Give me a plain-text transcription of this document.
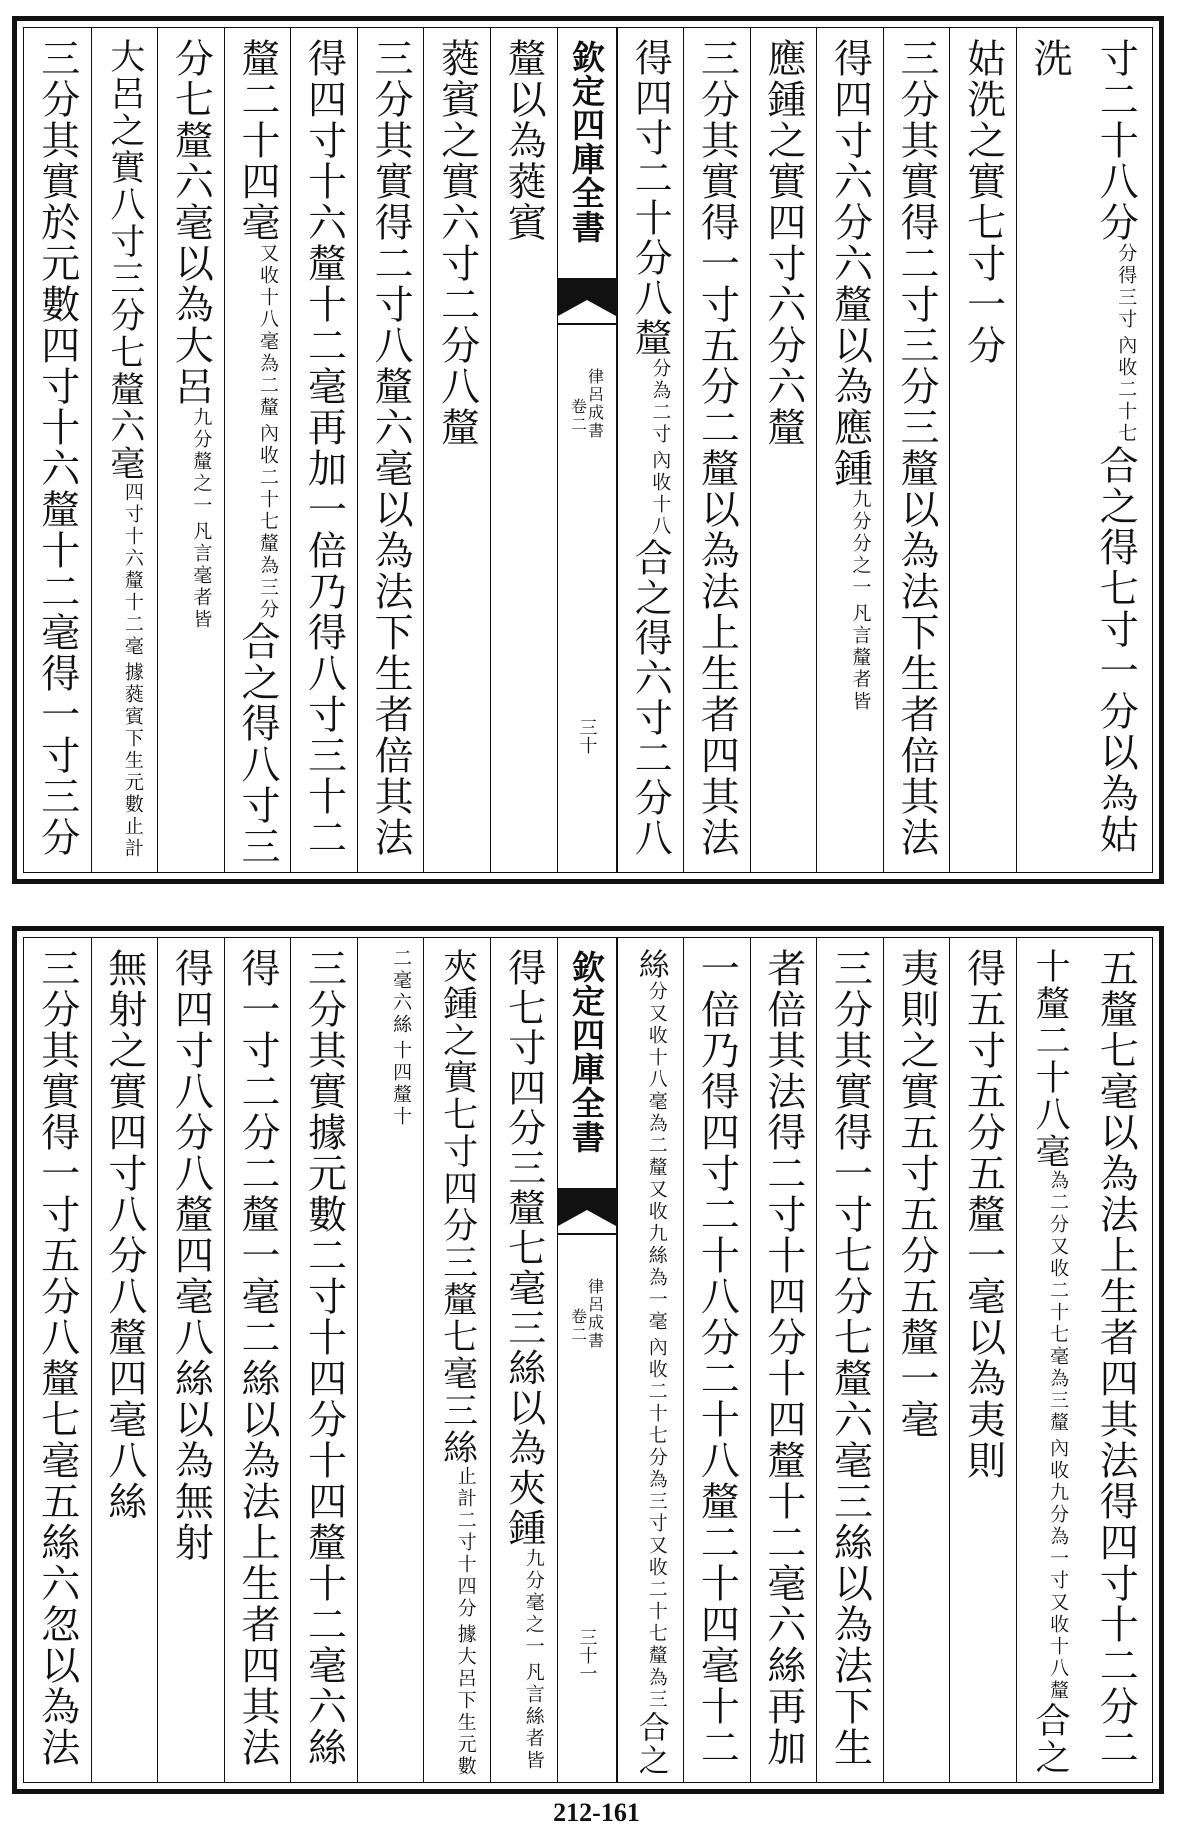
寸二十八分
內收二十七
分得三寸
合之得七寸一分以為姑
洗
姑洗之實七寸一分
三分其實得二寸三分三釐以為法下生者倍其法
得四寸六分六釐以為應鍾
凡言釐者皆
九分分之一
應鍾之實四寸六分六釐
三分其實得一寸五分二釐以為法上生者四其法
得四寸二十分八釐
內收十八
分為二寸
合之得六寸二分八
欽定四庫全書
律呂成書
卷二
三十
釐以為蕤賓
蕤賓之實六寸二分八釐
三分其實得二寸八釐六毫以為法下生者倍其法
得四寸十六釐十二毫再加一倍乃得八寸三十二
釐二十四毫
內收二十七釐為三分
又收十八毫為二釐
合之得八寸三
分七釐六毫以為大呂
凡言毫者皆
九分釐之一
大呂之實八寸三分七釐六毫
據蕤賓下生元數止計
四寸十六釐十二毫
三分其實於元數四寸十六釐十二毫得一寸三分
五釐七毫以為法上生者四其法得四寸十二分二
十釐二十八毫
內收九分為一寸又收十八釐
為二分又收二十七毫為三釐
合之
得五寸五分五釐一毫以為夷則
夷則之實五寸五分五釐一毫
三分其實得一寸七分七釐六毫三絲以為法下生
者倍其法得二寸十四分十四釐十二毫六絲再加
一倍乃得四寸二十八分二十八釐二十四毫十二
絲
內收二十七分為三寸又收二十七釐為三
分又收十八毫為二釐又收九絲為一毫
合之
欽定四庫全書
律呂成書
卷二
三十一
得七寸四分三釐七毫三絲以為夾鍾
凡言絲者皆
九分毫之一
夾鍾之實七寸四分三釐七毫三絲
據大呂下生元數
止計二寸十四分
十四釐十
二毫六絲
三分其實據元數二寸十四分十四釐十二毫六絲
得一寸二分二釐一毫二絲以為法上生者四其法
得四寸八分八釐四毫八絲以為無射
無射之實四寸八分八釐四毫八絲
三分其實得一寸五分八釐七毫五絲六忽以為法
212-161
